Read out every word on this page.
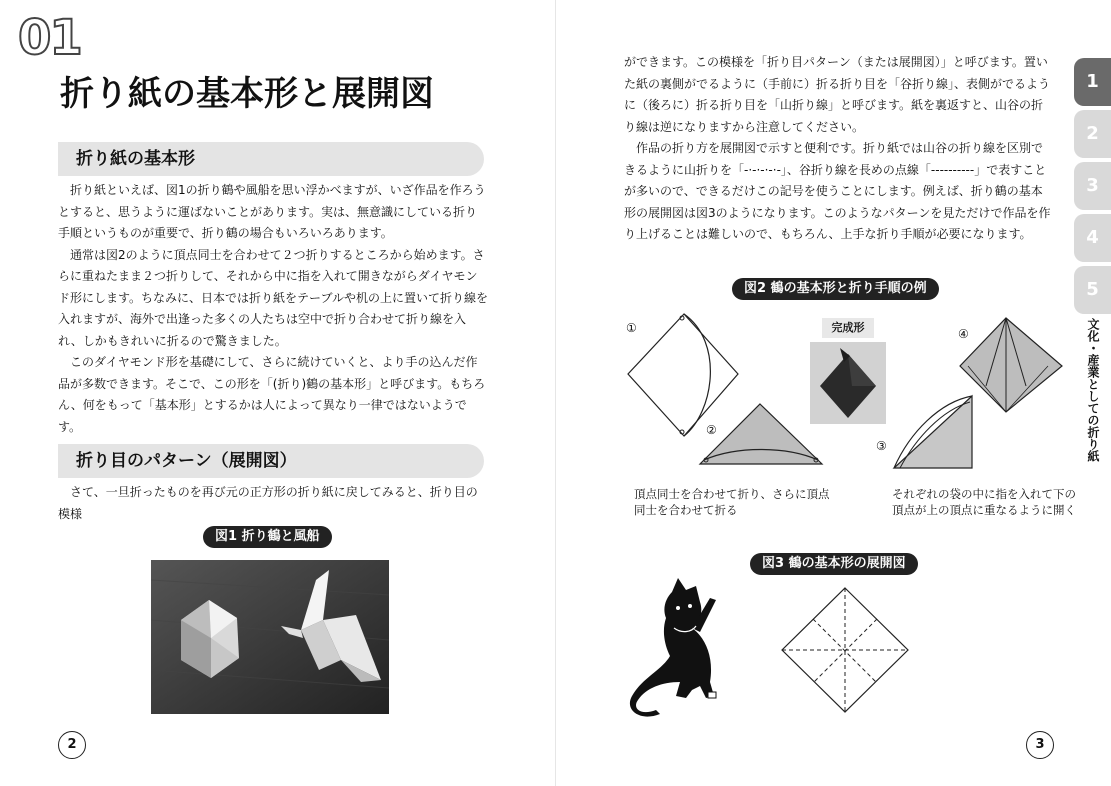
01
折り紙の基本形と展開図
折り紙の基本形

折り紙といえば、図1の折り鶴や風船を思い浮かべますが、いざ作品を作ろうとすると、思うように運ばないことがあります。実は、無意識にしている折り手順というものが重要で、折り鶴の場合もいろいろあります。

通常は図2のように頂点同士を合わせて２つ折りするところから始めます。さらに重ねたまま２つ折りして、それから中に指を入れて開きながらダイヤモンド形にします。ちなみに、日本では折り紙をテーブルや机の上に置いて折り線を入れますが、海外で出逢った多くの人たちは空中で折り合わせて折り線を入れ、しかもきれいに折るので驚きました。

このダイヤモンド形を基礎にして、さらに続けていくと、より手の込んだ作品が多数できます。そこで、この形を「(折り)鶴の基本形」と呼びます。もちろん、何をもって「基本形」とするかは人によって異なり一律ではないようです。

折り目のパターン（展開図）

さて、一旦折ったものを再び元の正方形の折り紙に戻してみると、折り目の模様

図1 折り鶴と風船
2

ができます。この模様を「折り目パターン（または展開図）」と呼びます。置いた紙の裏側がでるように（手前に）折る折り目を「谷折り線」、表側がでるように（後ろに）折る折り目を「山折り線」と呼びます。紙を裏返すと、山谷の折り線は逆になりますから注意してください。

作品の折り方を展開図で示すと便利です。折り紙では山谷の折り線を区別できるように山折りを「-·-·-·-·-」、谷折り線を長めの点線「----------」で表すことが多いので、できるだけこの記号を使うことにします。例えば、折り鶴の基本形の展開図は図3のようになります。このようなパターンを見ただけで作品を作り上げることは難しいので、もちろん、上手な折り手順が必要になります。

図2 鶴の基本形と折り手順の例
①
②
完成形
③
④
頂点同士を合わせて折り、さらに頂点
同士を合わせて折る
それぞれの袋の中に指を入れて下の
頂点が上の頂点に重なるように開く
図3 鶴の基本形の展開図
3
1
2
3
4
5
文化・産業としての折り紙
